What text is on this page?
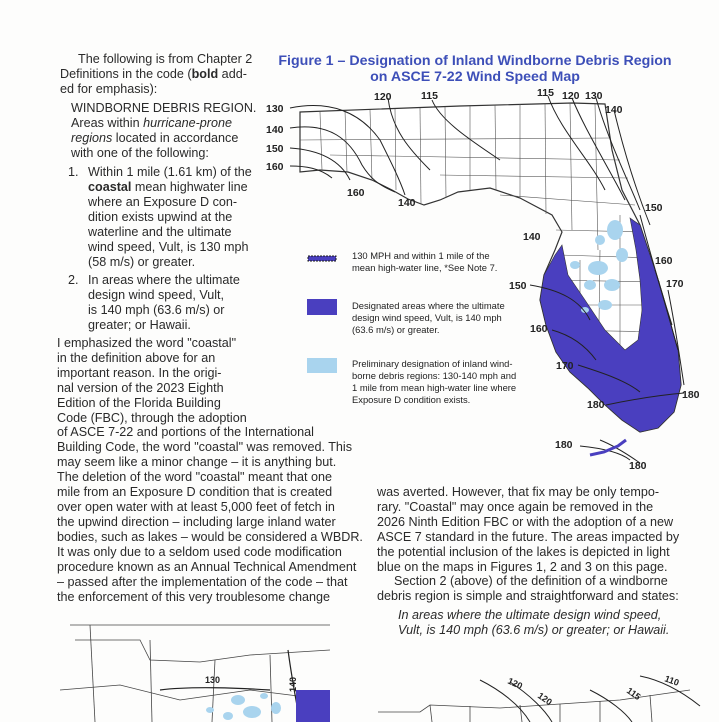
The following is from Chapter 2

Definitions in the code (bold add-

ed for emphasis):

WINDBORNE DEBRIS REGION.

Areas within hurricane-prone

regions located in accordance

with one of the following:

1. Within 1 mile (1.61 km) of the

coastal mean highwater line

where an Exposure D con-

dition exists upwind at the

waterline and the ultimate

wind speed, Vult, is 130 mph

(58 m/s) or greater.

2. In areas where the ultimate

design wind speed, Vult,

is 140 mph (63.6 m/s) or

greater; or Hawaii.

I emphasized the word "coastal"

in the definition above for an

important reason. In the origi-

nal version of the 2023 Eighth

Edition of the Florida Building

Code (FBC), through the adoption

of ASCE 7-22 and portions of the International

Building Code, the word "coastal" was removed. This

may seem like a minor change – it is anything but.

The deletion of the word "coastal" meant that one

mile from an Exposure D condition that is created

over open water with at least 5,000 feet of fetch in

the upwind direction – including large inland water

bodies, such as lakes – would be considered a WBDR.

It was only due to a seldom used code modification

procedure known as an Annual Technical Amendment

– passed after the implementation of the code – that

the enforcement of this very troublesome change

was averted. However, that fix may be only tempo-

rary. "Coastal" may once again be removed in the

2026 Ninth Edition FBC or with the adoption of a new

ASCE 7 standard in the future. The areas impacted by

the potential inclusion of the lakes is depicted in light

blue on the maps in Figures 1, 2 and 3 on this page.

Section 2 (above) of the definition of a windborne

debris region is simple and straightforward and states:

In areas where the ultimate design wind speed,

Vult, is 140 mph (63.6 m/s) or greater; or Hawaii.

Figure 1 – Designation of Inland Windborne Debris Region
on ASCE 7-22 Wind Speed Map
130
140
150
160
120	115	115 120 130
140
160
140	150
140
160
170
150
160
170
180
180
180
180
130 MPH and within 1 mile of the
mean high-water line, *See Note 7.
Designated areas where the ultimate
design wind speed, Vult, is 140 mph
(63.6 m/s) or greater.
Preliminary designation of inland wind-
borne debris regions: 130-140 mph and
1 mile from mean high-water line where
Exposure D condition exists.
130	140	120
120	115
110
